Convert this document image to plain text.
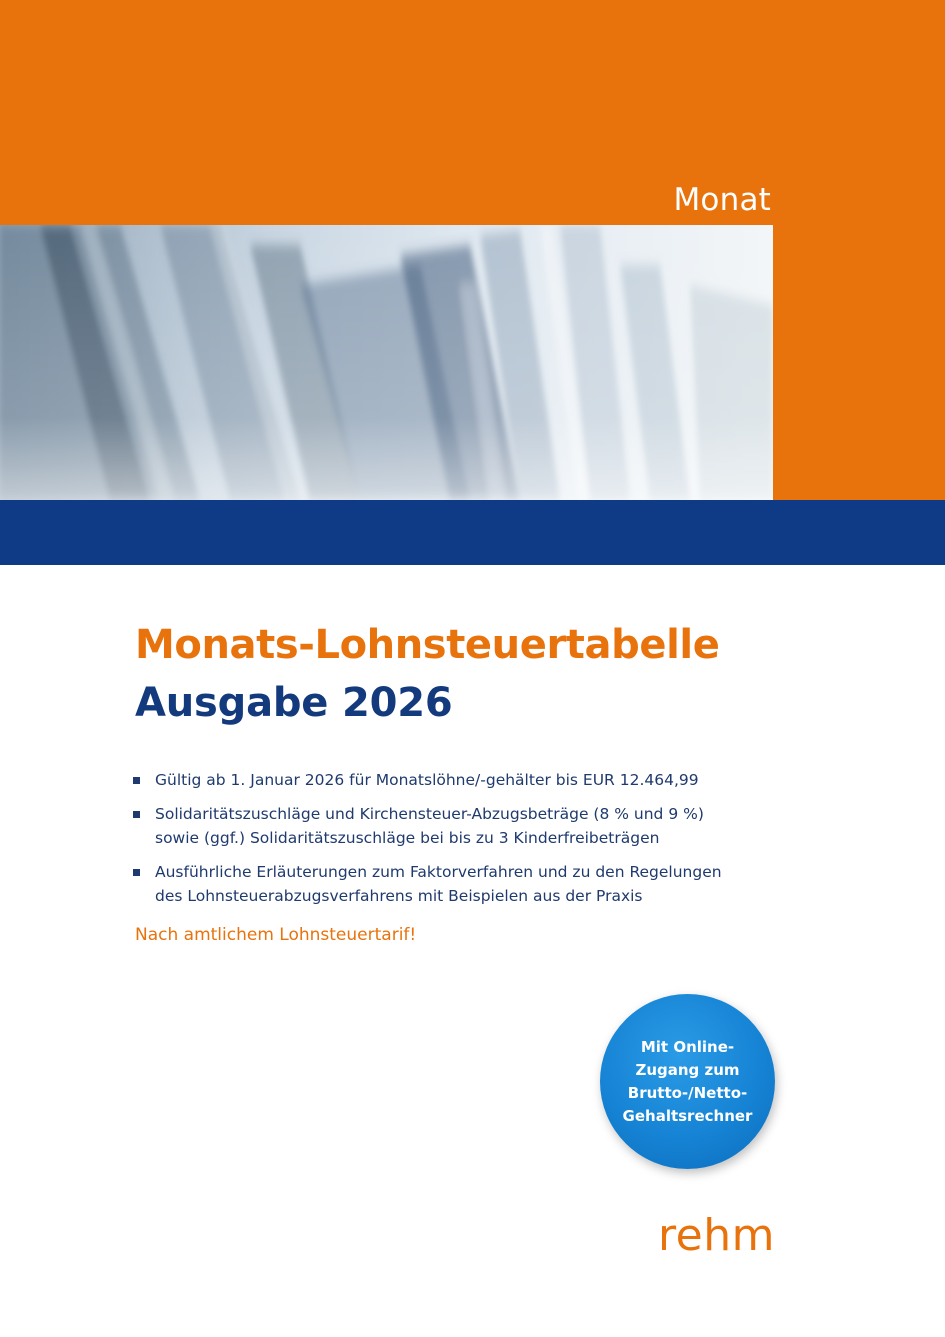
Monat
Monats-Lohnsteuertabelle
Ausgabe 2026
Gültig ab 1. Januar 2026 für Monatslöhne/-gehälter bis EUR 12.464,99
Solidaritätszuschläge und Kirchensteuer-Abzugsbeträge (8 % und 9 %)
sowie (ggf.) Solidaritätszuschläge bei bis zu 3 Kinderfreibeträgen
Ausführliche Erläuterungen zum Faktorverfahren und zu den Regelungen
des Lohnsteuerabzugsverfahrens mit Beispielen aus der Praxis
Nach amtlichem Lohnsteuertarif!
Mit Online-
Zugang zum
Brutto-/Netto-
Gehaltsrechner
rehm
